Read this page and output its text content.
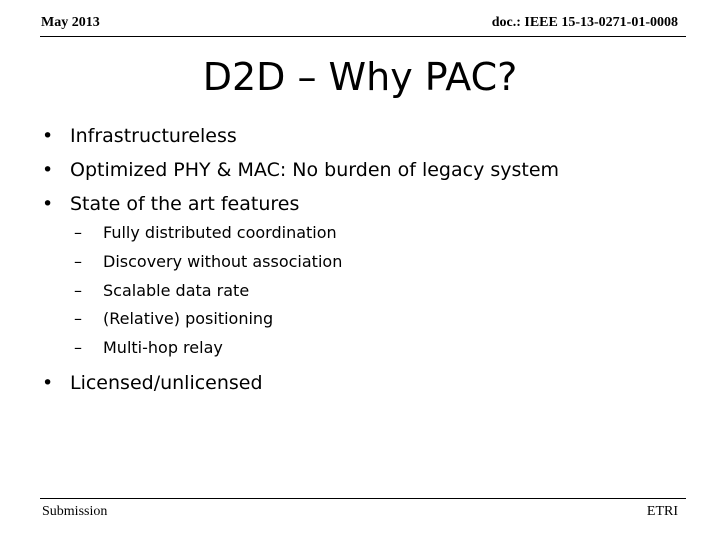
May 2013	doc.: IEEE 15-13-0271-01-0008
D2D – Why PAC?
• Infrastructureless
• Optimized PHY & MAC: No burden of legacy system
• State of the art features
– Fully distributed coordination
– Discovery without association
– Scalable data rate
– (Relative) positioning
– Multi-hop relay
• Licensed/unlicensed
Submission	ETRI
